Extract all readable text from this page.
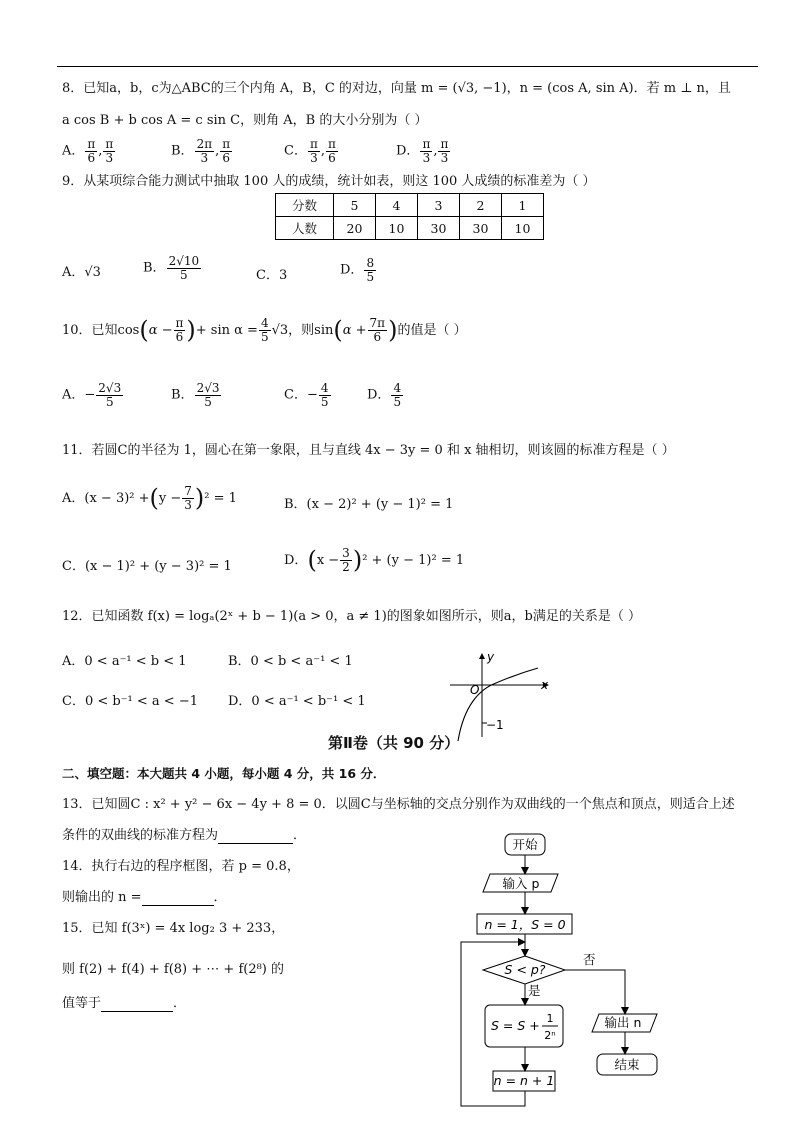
8．已知a，b，c为△ABC的三个内角 A，B，C 的对边，向量 m = (√3, −1)，n = (cos A, sin A)．若 m ⊥ n，且
a cos B + b cos A = c sin C，则角 A，B 的大小分别为（ ）
A． $\frac{\pi}{6}$ , $\frac{\pi}{3}$	B． $\frac{2\pi}{3}$ , $\frac{\pi}{6}$	C． $\frac{\pi}{3}$ , $\frac{\pi}{6}$	D． $\frac{\pi}{3}$ , $\frac{\pi}{3}$
9．从某项综合能力测试中抽取 100 人的成绩，统计如表，则这 100 人成绩的标准差为（ ）
分数	5	4	3	2	1
人数	20	10	30	30	10
A．√3	B． $\frac{2√10}{5}$	C．3	D． $\frac{8}{5}$
10．已知$\cos(\alpha - \frac{\pi}{6}$ )+ $\sin \alpha = \frac{4}{5} √3$，则$\sin(\alpha + \frac{7\pi}{6}$ )的值是（ ）
A．− $\frac{2√3}{5}$	B． $\frac{2√3}{5}$	C．− $\frac{4}{5}$	D． $\frac{4}{5}$
11．若圆C的半径为 1，圆心在第一象限，且与直线 4x − 3y = 0 和 x 轴相切，则该圆的标准方程是（ ）
A．$(x - 3)^2 +(y - \frac{7}{3} )^2 = 1$	B．(x − 2)² + (y − 1)² = 1
C．(x − 1)² + (y − 3)² = 1	D．$(x - \frac{3}{2} )^2 + (y - 1)^2 = 1$
12．已知函数 f(x) = logₐ(2ˣ + b − 1)(a > 0，a ≠ 1)的图象如图所示，则a，b满足的关系是（ ）
A．0 < a⁻¹ < b < 1	B．0 < b < a⁻¹ < 1
C．0 < b⁻¹ < a < −1 D．0 < a⁻¹ < b⁻¹ < 1
y
x
O
−1
第Ⅱ卷（共 90 分）
二、填空题：本大题共 4 小题，每小题 4 分，共 16 分．
13．已知圆C : x² + y² − 6x − 4y + 8 = 0．以圆C与坐标轴的交点分别作为双曲线的一个焦点和顶点，则适合上述
条件的双曲线的标准方程为	．
14．执行右边的程序框图，若 p = 0.8，
则输出的 n =	．
15．已知 f(3ˣ) = 4x log₂ 3 + 233，
则 f(2) + f(4) + f(8) + ⋯ + f(2⁸) 的
值等于	．
开始
输入 p
n = 1，S = 0
S < p?
否
是
S = S + 1
2ⁿ
n = n + 1
输出 n
结束
